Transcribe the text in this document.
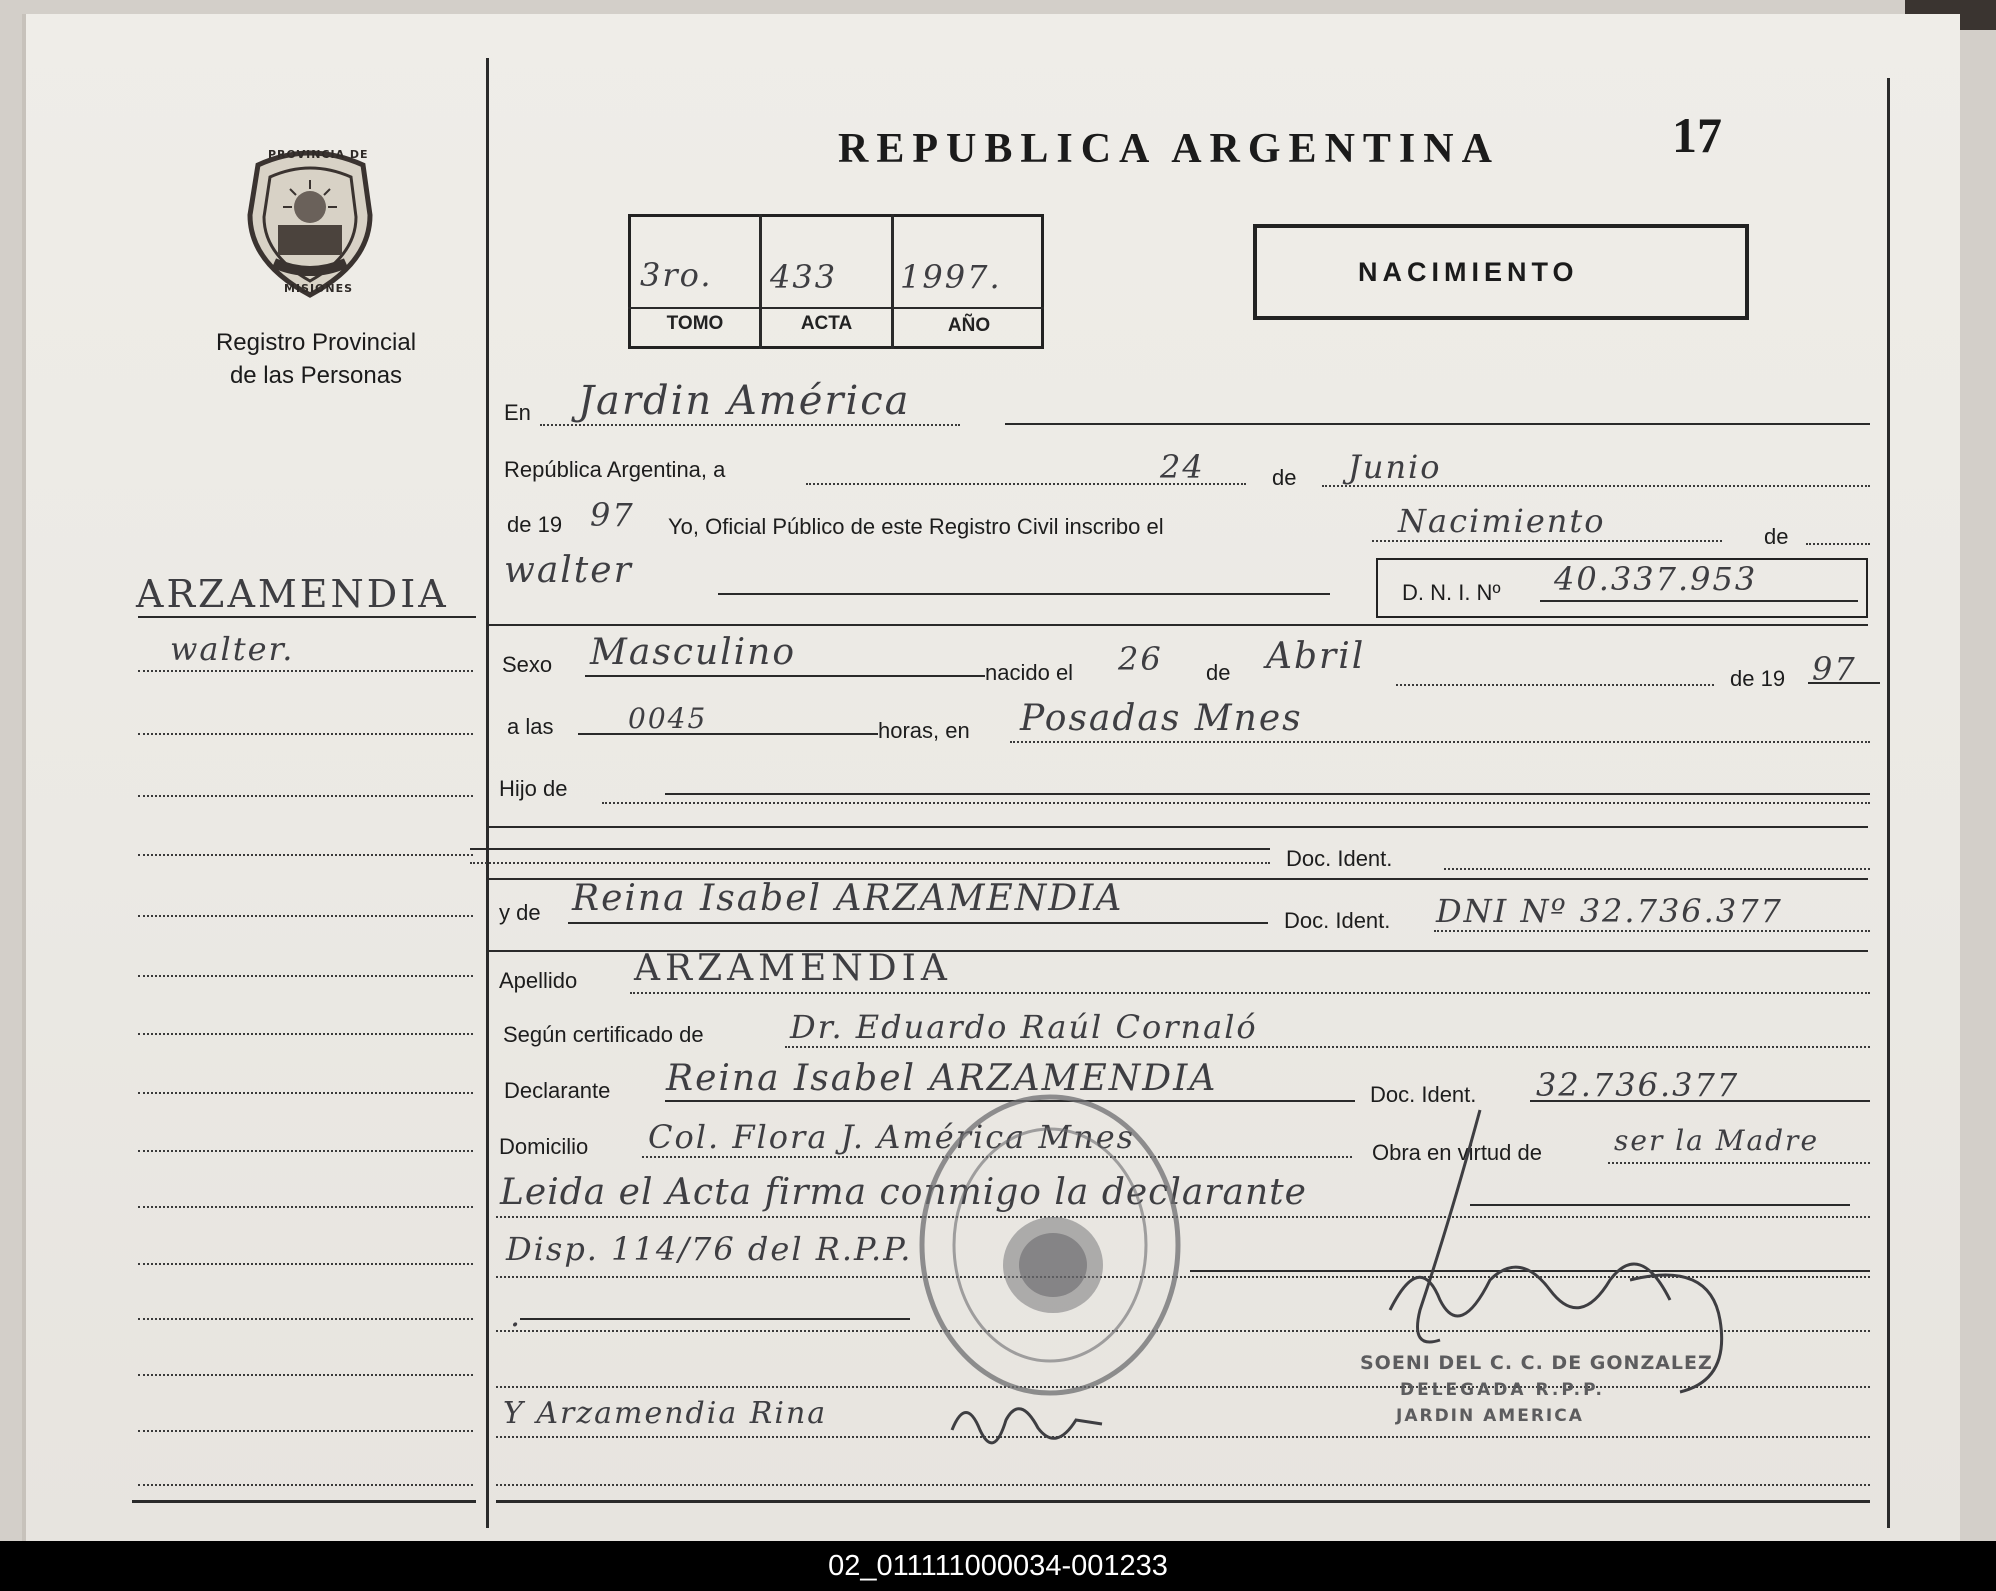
PROVINCIA DE
MISIONES
Registro Provincial
de las Personas
REPUBLICA ARGENTINA	17
3ro. 433 1997.
TOMO	ACTA	AÑO
NACIMIENTO
ARZAMENDIA
walter.
En Jardin América
República Argentina, a	24	de Junio
de 19 97 Yo, Oficial Público de este Registro Civil inscribo el	Nacimiento	de
walter
D. N. I. Nº 40.337.953
Sexo Masculino	nacido el 26 de Abril
de 19 97
a las	0045	horas, en Posadas Mnes
Hijo de
Doc. Ident.
y de Reina Isabel ARZAMENDIA
Doc. Ident. DNI Nº 32.736.377
Apellido ARZAMENDIA
Según certificado de	Dr. Eduardo Raúl Cornaló
Declarante Reina Isabel ARZAMENDIA	Doc. Ident. 32.736.377
Domicilio Col. Flora J. América Mnes	Obra en virtud de	ser la Madre
Leida el Acta firma conmigo la declarante
Disp. 114/76 del R.P.P.
.
Y Arzamendia Rina
SOENI DEL C. C. DE GONZALEZ
DELEGADA R.P.P.
JARDIN AMERICA
02_011111000034-001233
